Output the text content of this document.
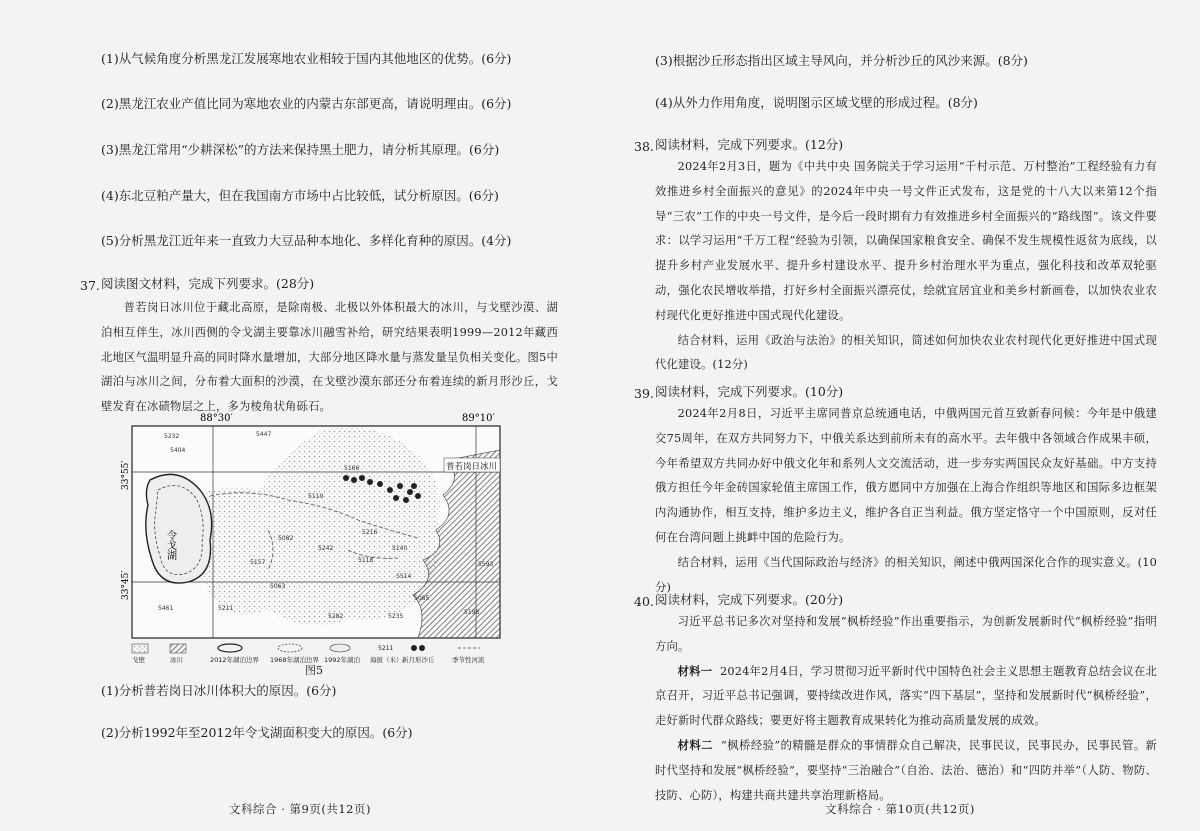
(1)从气候角度分析黑龙江发展寒地农业相较于国内其他地区的优势。(6分)
(2)黑龙江农业产值比同为寒地农业的内蒙古东部更高，请说明理由。(6分)
(3)黑龙江常用“少耕深松”的方法来保持黑土肥力，请分析其原理。(6分)
(4)东北豆粕产量大，但在我国南方市场中占比较低，试分析原因。(6分)
(5)分析黑龙江近年来一直致力大豆品种本地化、多样化育种的原因。(4分)
37. 阅读图文材料，完成下列要求。(28分)

普若岗日冰川位于藏北高原，是除南极、北极以外体积最大的冰川，与戈壁沙漠、湖泊相互伴生，冰川西侧的令戈湖主要靠冰川融雪补给，研究结果表明1999—2012年藏西北地区气温明显升高的同时降水量增加，大部分地区降水量与蒸发量呈负相关变化。图5中湖泊与冰川之间，分布着大面积的沙漠，在戈壁沙漠东部还分布着连续的新月形沙丘，戈壁发育在冰碛物层之上，多为棱角状角砾石。

88°30′	89°10′
33°55′
33°45′
令戈湖
普若岗日冰川
5232
5404
5447
5166
5119
5082
5216
5140
5242
5157
5063
5118
5514
5593
5211
5461
5282	5235
5085
5198
戈壁	冰川	2012年湖泊边界 1968年湖泊边界 1992年湖泊
5211
海拔（米） 新月形沙丘	季节性河流
图5
(1)分析普若岗日冰川体积大的原因。(6分)
(2)分析1992年至2012年令戈湖面积变大的原因。(6分)
文科综合 · 第9页(共12页)
(3)根据沙丘形态指出区域主导风向，并分析沙丘的风沙来源。(8分)
(4)从外力作用角度，说明图示区域戈壁的形成过程。(8分)
38. 阅读材料，完成下列要求。(12分)

2024年2月3日，题为《中共中央 国务院关于学习运用“千村示范、万村整治”工程经验有力有效推进乡村全面振兴的意见》的2024年中央一号文件正式发布，这是党的十八大以来第12个指导“三农”工作的中央一号文件，是今后一段时期有力有效推进乡村全面振兴的“路线图”。该文件要求：以学习运用“千万工程”经验为引领，以确保国家粮食安全、确保不发生规模性返贫为底线，以提升乡村产业发展水平、提升乡村建设水平、提升乡村治理水平为重点，强化科技和改革双轮驱动，强化农民增收举措，打好乡村全面振兴漂亮仗，绘就宜居宜业和美乡村新画卷，以加快农业农村现代化更好推进中国式现代化建设。

结合材料，运用《政治与法治》的相关知识，简述如何加快农业农村现代化更好推进中国式现代化建设。(12分)

39. 阅读材料，完成下列要求。(10分)

2024年2月8日，习近平主席同普京总统通电话，中俄两国元首互致新春问候：今年是中俄建交75周年，在双方共同努力下，中俄关系达到前所未有的高水平。去年俄中各领域合作成果丰硕，今年希望双方共同办好中俄文化年和系列人文交流活动，进一步夯实两国民众友好基础。中方支持俄方担任今年金砖国家轮值主席国工作，俄方愿同中方加强在上海合作组织等地区和国际多边框架内沟通协作，相互支持，维护多边主义，维护各自正当利益。俄方坚定恪守一个中国原则，反对任何在台湾问题上挑衅中国的危险行为。

结合材料，运用《当代国际政治与经济》的相关知识，阐述中俄两国深化合作的现实意义。(10分)

40. 阅读材料，完成下列要求。(20分)

习近平总书记多次对坚持和发展“枫桥经验”作出重要指示，为创新发展新时代“枫桥经验”指明方向。

材料一 2024年2月4日，学习贯彻习近平新时代中国特色社会主义思想主题教育总结会议在北京召开，习近平总书记强调，要持续改进作风，落实“四下基层”，坚持和发展新时代“枫桥经验”，走好新时代群众路线；要更好将主题教育成果转化为推动高质量发展的成效。

材料二 “枫桥经验”的精髓是群众的事情群众自己解决，民事民议，民事民办，民事民管。新时代坚持和发展“枫桥经验”，要坚持“三治融合”（自治、法治、德治）和“四防并举”（人防、物防、技防、心防），构建共商共建共享治理新格局。

文科综合 · 第10页(共12页)
